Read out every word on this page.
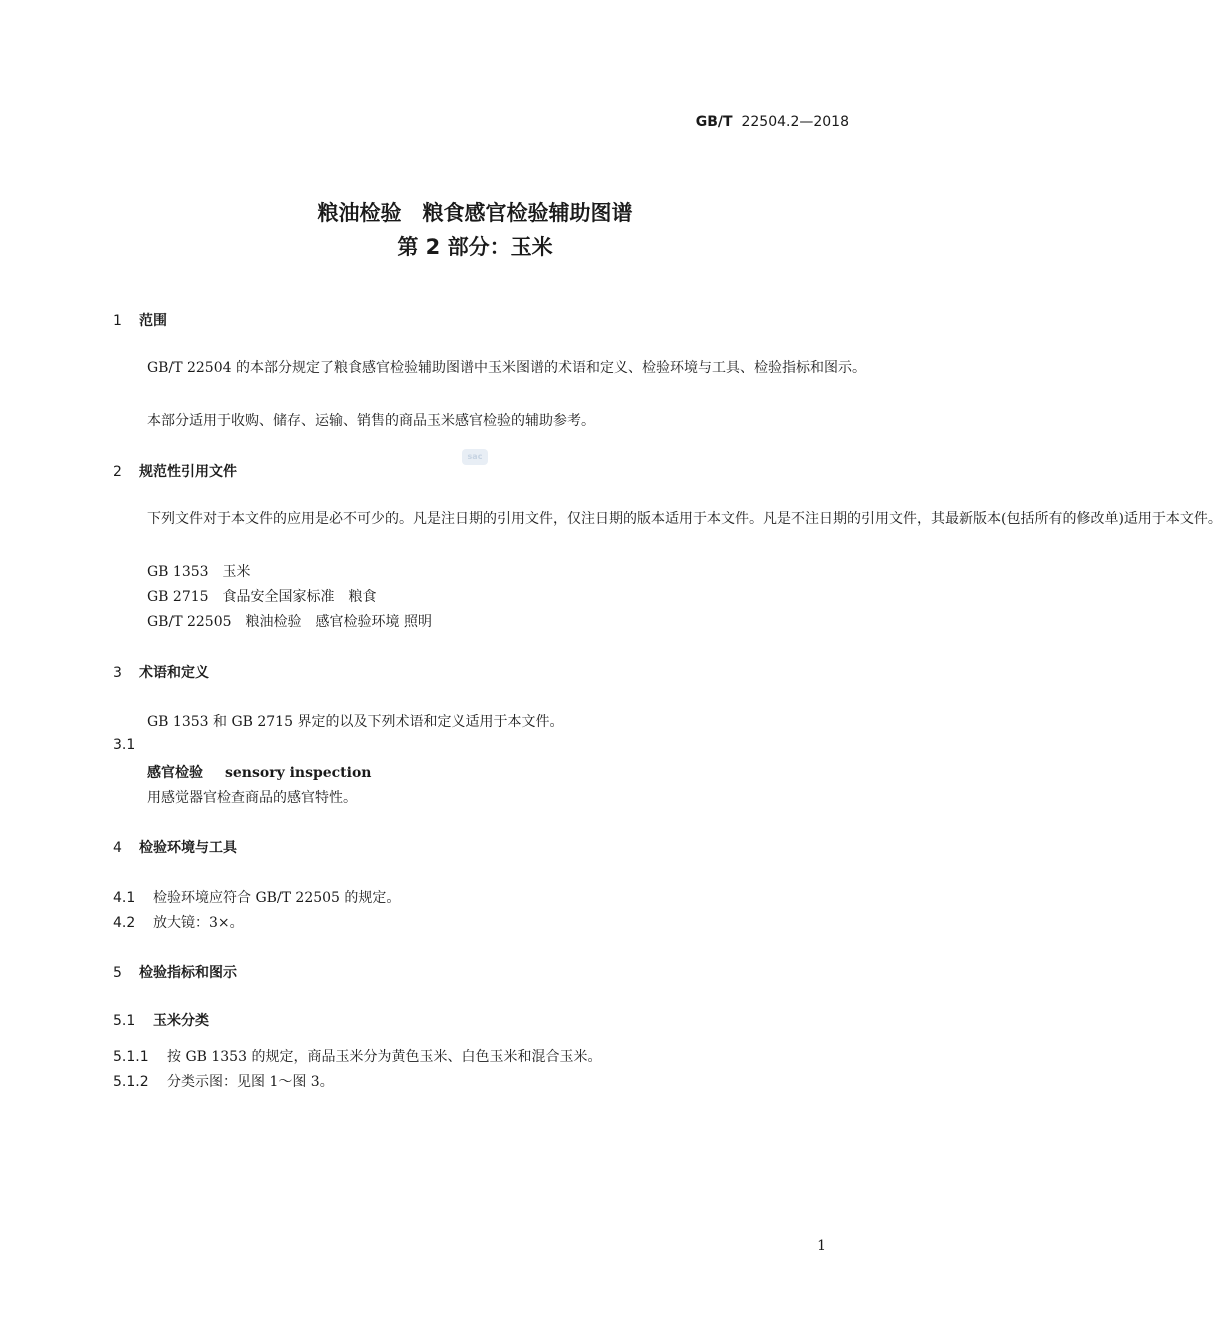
GB/T 22504.2—2018
粮油检验　粮食感官检验辅助图谱
第 2 部分：玉米
1 范围
GB/T 22504 的本部分规定了粮食感官检验辅助图谱中玉米图谱的术语和定义、检验环境与工具、检验指标和图示。
本部分适用于收购、储存、运输、销售的商品玉米感官检验的辅助参考。
sac
2 规范性引用文件
下列文件对于本文件的应用是必不可少的。凡是注日期的引用文件，仅注日期的版本适用于本文件。凡是不注日期的引用文件，其最新版本(包括所有的修改单)适用于本文件。
GB 1353　玉米
GB 2715　食品安全国家标准　粮食
GB/T 22505　粮油检验　感官检验环境 照明
3 术语和定义
GB 1353 和 GB 2715 界定的以及下列术语和定义适用于本文件。
3.1
感官检验 sensory inspection
用感觉器官检查商品的感官特性。
4 检验环境与工具
4.1 检验环境应符合 GB/T 22505 的规定。
4.2 放大镜：3×。
5 检验指标和图示
5.1 玉米分类
5.1.1 按 GB 1353 的规定，商品玉米分为黄色玉米、白色玉米和混合玉米。
5.1.2 分类示图：见图 1～图 3。
1
